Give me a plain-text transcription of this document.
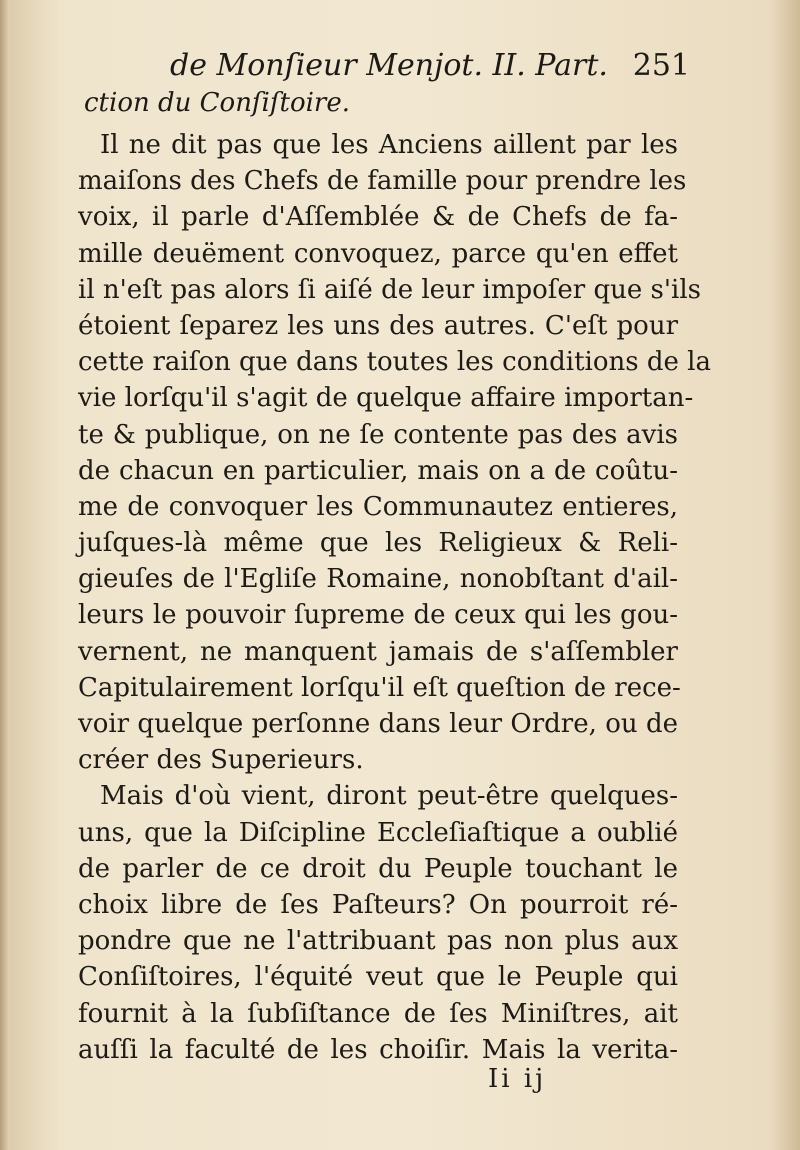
de Monſieur Menjot. II. Part. 251
ction du Conſiſtoire.
Il ne dit pas que les Anciens aillent par les
maiſons des Chefs de famille pour prendre les
voix, il parle d'Aſſemblée & de Chefs de fa-
mille deuëment convoquez, parce qu'en effet
il n'eſt pas alors ſi aiſé de leur impoſer que s'ils
étoient ſeparez les uns des autres. C'eſt pour
cette raiſon que dans toutes les conditions de la
vie lorſqu'il s'agit de quelque affaire importan-
te & publique, on ne ſe contente pas des avis
de chacun en particulier, mais on a de coûtu-
me de convoquer les Communautez entieres,
juſques-là même que les Religieux & Reli-
gieuſes de l'Egliſe Romaine, nonobſtant d'ail-
leurs le pouvoir ſupreme de ceux qui les gou-
vernent, ne manquent jamais de s'aſſembler
Capitulairement lorſqu'il eſt queſtion de rece-
voir quelque perſonne dans leur Ordre, ou de
créer des Superieurs.
Mais d'où vient, diront peut-être quelques-
uns, que la Diſcipline Eccleſiaſtique a oublié
de parler de ce droit du Peuple touchant le
choix libre de ſes Paſteurs? On pourroit ré-
pondre que ne l'attribuant pas non plus aux
Conſiſtoires, l'équité veut que le Peuple qui
fournit à la ſubſiſtance de ſes Miniſtres, ait
auſſi la faculté de les choiſir. Mais la verita-
Ii ij
